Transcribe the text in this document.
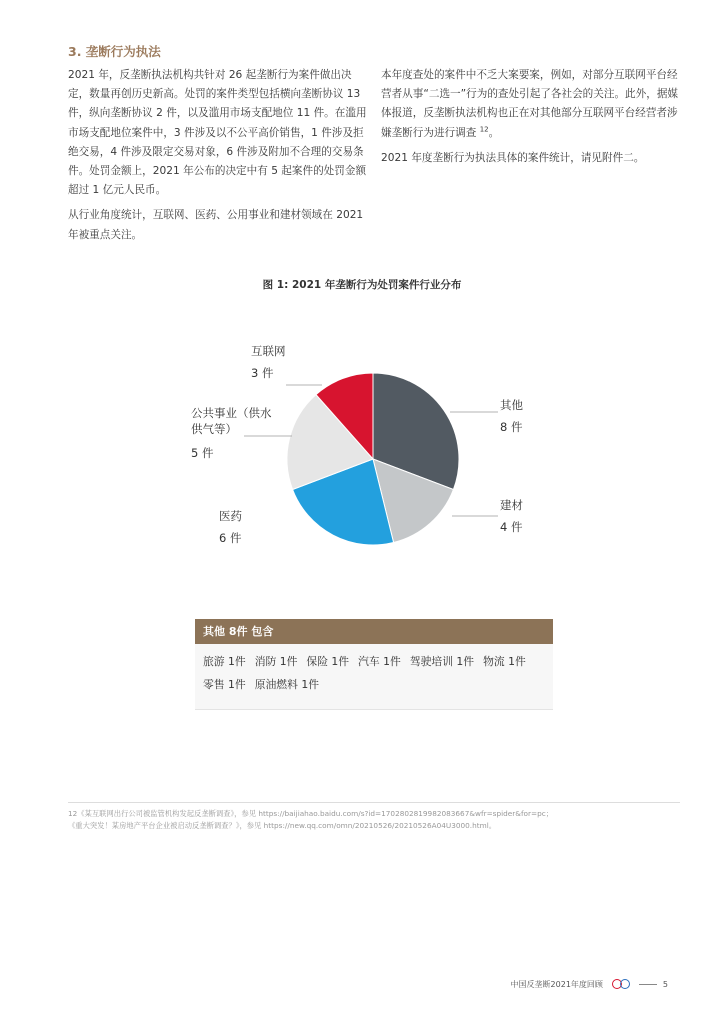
3. 垄断行为执法

2021 年，反垄断执法机构共针对 26 起垄断行为案件做出决定，数量再创历史新高。处罚的案件类型包括横向垄断协议 13 件，纵向垄断协议 2 件，以及滥用市场支配地位 11 件。在滥用市场支配地位案件中，3 件涉及以不公平高价销售，1 件涉及拒绝交易，4 件涉及限定交易对象，6 件涉及附加不合理的交易条件。处罚金额上，2021 年公布的决定中有 5 起案件的处罚金额超过 1 亿元人民币。

从行业角度统计，互联网、医药、公用事业和建材领域在 2021 年被重点关注。

本年度查处的案件中不乏大案要案，例如，对部分互联网平台经营者从事“二选一”行为的查处引起了各社会的关注。此外，据媒体报道，反垄断执法机构也正在对其他部分互联网平台经营者涉嫌垄断行为进行调查 $^{12}$。

2021 年度垄断行为执法具体的案件统计，请见附件二。

图 1: 2021 年垄断行为处罚案件行业分布
互联网
3 件
公共事业（供水
供气等）
5 件
其他
8 件
建材
4 件
医药
6 件
其他 8件 包含
旅游 1件 消防 1件 保险 1件 汽车 1件 驾驶培训 1件 物流 1件
零售 1件 原油燃料 1件
12《某互联网出行公司被监管机构发起反垄断调查》，参见 https://baijiahao.baidu.com/s?id=1702802819982083667&wfr=spider&for=pc；
《重大突发！某房地产平台企业被启动反垄断调查？》，参见 https://new.qq.com/omn/20210526/20210526A04U3000.html。
中国反垄断2021年度回顾	5
